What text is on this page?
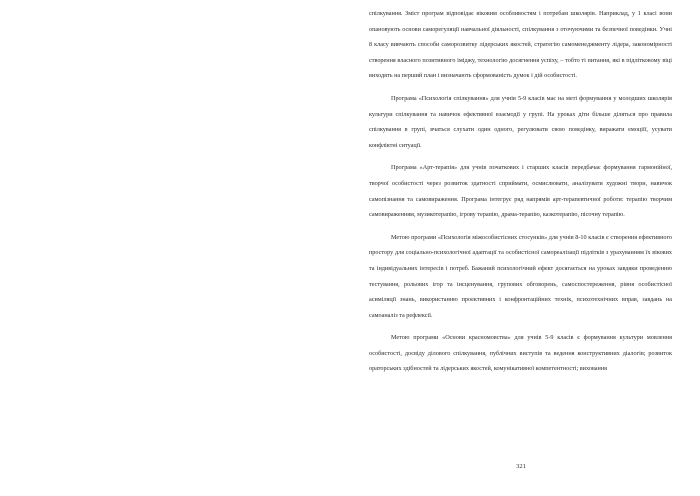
спілкування. Зміст програм відповідає віковим особливостям і потребам школярів. Наприклад, у 1 класі вони опановують основи саморегуляції навчальної діяльності, спілкування з оточуючими та безпечної поведінки. Учні 8 класу вивчають способи саморозвитку лідерських якостей, стратегію самоменеджменту лідера, закономірності створення власного позитивного іміджу, технологію досягнення успіху, – тобто ті питання, які в підлітковому віці виходять на перший план і визначають сформованість думок і дій особистості.

Програма «Психологія спілкування» для учнів 5-9 класів має на меті формування у молодших школярів культури спілкування та навичок ефективної взаємодії у групі. На уроках діти більше діляться про правила спілкування в групі, вчаться слухати один одного, регулювати свою поведінку, виражати емоціїї, усувати конфліктні ситуації.

Програма «Арт-терапія» для учнів початкових і старших класів передбачає формування гармонійної, творчої особистості через розвиток здатності сприймати, осмислювати, аналізувати художні твори, навичок самопізнання та самовираження. Програма інтегрує ряд напрямів арт-терапевтичної роботи: терапію творчим самовираженням, музикотерапію, ігрову терапію, драма-терапію, казкотерапію, пісочну терапію.

Метою програми «Психологія міжособистісних стосунків» для учнів 8-10 класів є створення ефективного простору для соціально-психологічної адаптації та особистісної самореалізації підлітків з урахуванням їх вікових та індивідуальних інтересів і потреб. Бажаний психологічний ефект досягається на уроках завдяки проведенню тестування, рольових ігор та інсценування, групових обговорень, самоспостереження, рівня особистісної асиміляції знань, використанню проективних і конфронтаційних технік, психотехнічних вправ, завдань на самоаналіз та рефлексії.

Метою програми «Основи красномовства» для учнів 5-9 класів є формування культури мовлення особистості, досвіду ділового спілкування, публічних виступів та ведення конструктивних діалогів; розвиток ораторських здібностей та лідерських якостей, комунікативної компетентності; виховання

321
